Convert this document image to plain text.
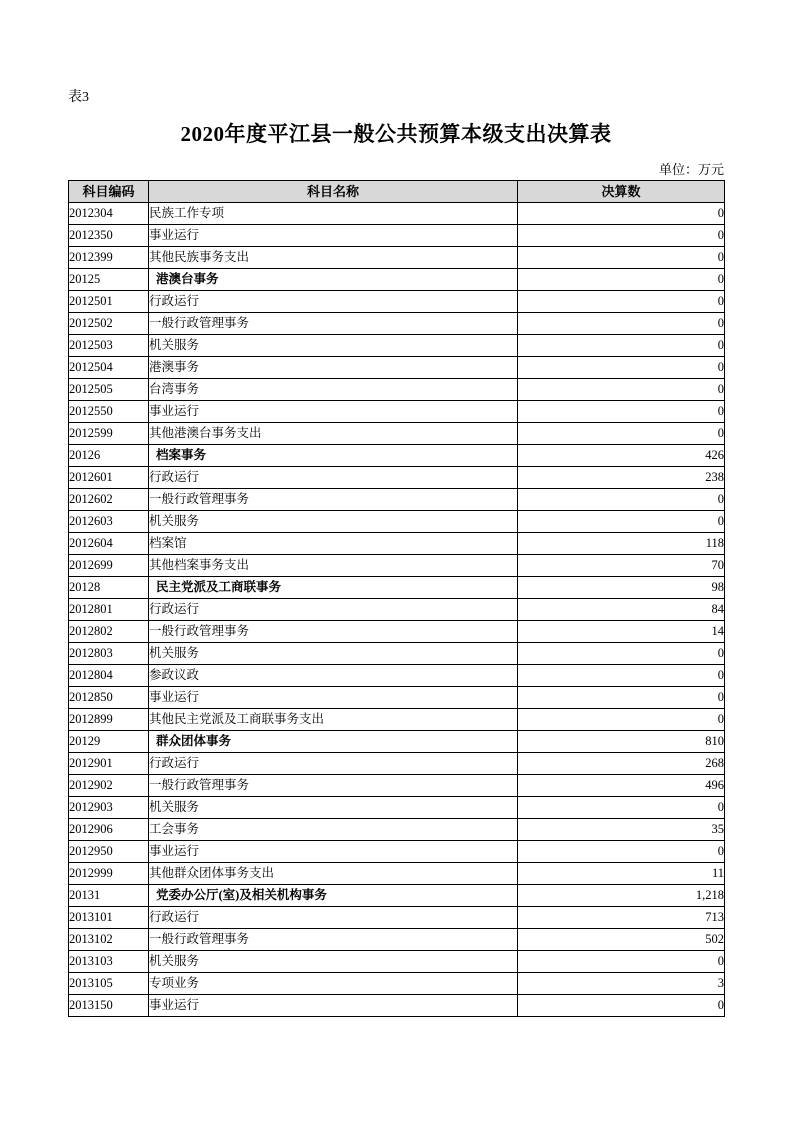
表3
2020年度平江县一般公共预算本级支出决算表
单位：万元
科目编码	科目名称	决算数
2012304	民族工作专项	0
2012350	事业运行	0
2012399	其他民族事务支出	0
20125	港澳台事务	0
2012501	行政运行	0
2012502	一般行政管理事务	0
2012503	机关服务	0
2012504	港澳事务	0
2012505	台湾事务	0
2012550	事业运行	0
2012599	其他港澳台事务支出	0
20126	档案事务	426
2012601	行政运行	238
2012602	一般行政管理事务	0
2012603	机关服务	0
2012604	档案馆	118
2012699	其他档案事务支出	70
20128	民主党派及工商联事务	98
2012801	行政运行	84
2012802	一般行政管理事务	14
2012803	机关服务	0
2012804	参政议政	0
2012850	事业运行	0
2012899	其他民主党派及工商联事务支出	0
20129	群众团体事务	810
2012901	行政运行	268
2012902	一般行政管理事务	496
2012903	机关服务	0
2012906	工会事务	35
2012950	事业运行	0
2012999	其他群众团体事务支出	11
20131	党委办公厅(室)及相关机构事务	1,218
2013101	行政运行	713
2013102	一般行政管理事务	502
2013103	机关服务	0
2013105	专项业务	3
2013150	事业运行	0
